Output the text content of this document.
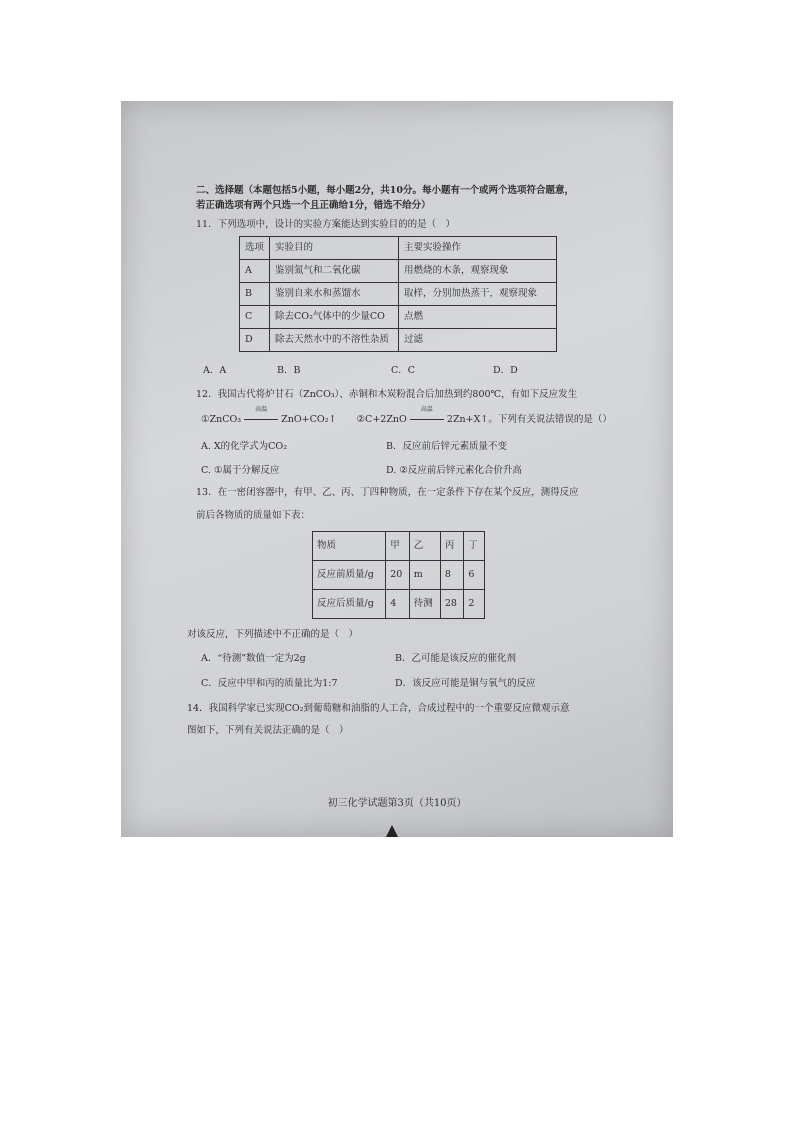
二、选择题（本题包括5小题，每小题2分，共10分。每小题有一个或两个选项符合题意，
若正确选项有两个只选一个且正确给1分，错选不给分）
11．下列选项中，设计的实验方案能达到实验目的的是（　）
选项	实验目的	主要实验操作
A	鉴别氮气和二氧化碳	用燃烧的木条，观察现象
B	鉴别自来水和蒸馏水	取样，分别加热蒸干，观察现象
C	除去CO₂气体中的少量CO	点燃
D	除去天然水中的不溶性杂质	过滤
A．A	B．B	C．C	D．D
12．我国古代将炉甘石（ZnCO₃）、赤铜和木炭粉混合后加热到约800℃，有如下反应发生
①ZnCO₃
高温
ZnO+CO₂↑ ②C+2ZnO
高温
2Zn+X↑。下列有关说法错误的是（）
A. X的化学式为CO₂	B．反应前后锌元素质量不变
C. ①属于分解反应	D. ②反应前后锌元素化合价升高
13．在一密闭容器中，有甲、乙、丙、丁四种物质，在一定条件下存在某个反应，测得反应
前后各物质的质量如下表：
物质	甲	乙	丙	丁
反应前质量/g	20	m	8	6
反应后质量/g	4	待测	28	2
对该反应，下列描述中不正确的是（　）
A．“待测”数值一定为2g	B．乙可能是该反应的催化剂
C．反应中甲和丙的质量比为1:7	D．该反应可能是铜与氧气的反应
14．我国科学家已实现CO₂到葡萄糖和油脂的人工合，合成过程中的一个重要反应微观示意
图如下，下列有关说法正确的是（　）
初三化学试题第3页（共10页）
